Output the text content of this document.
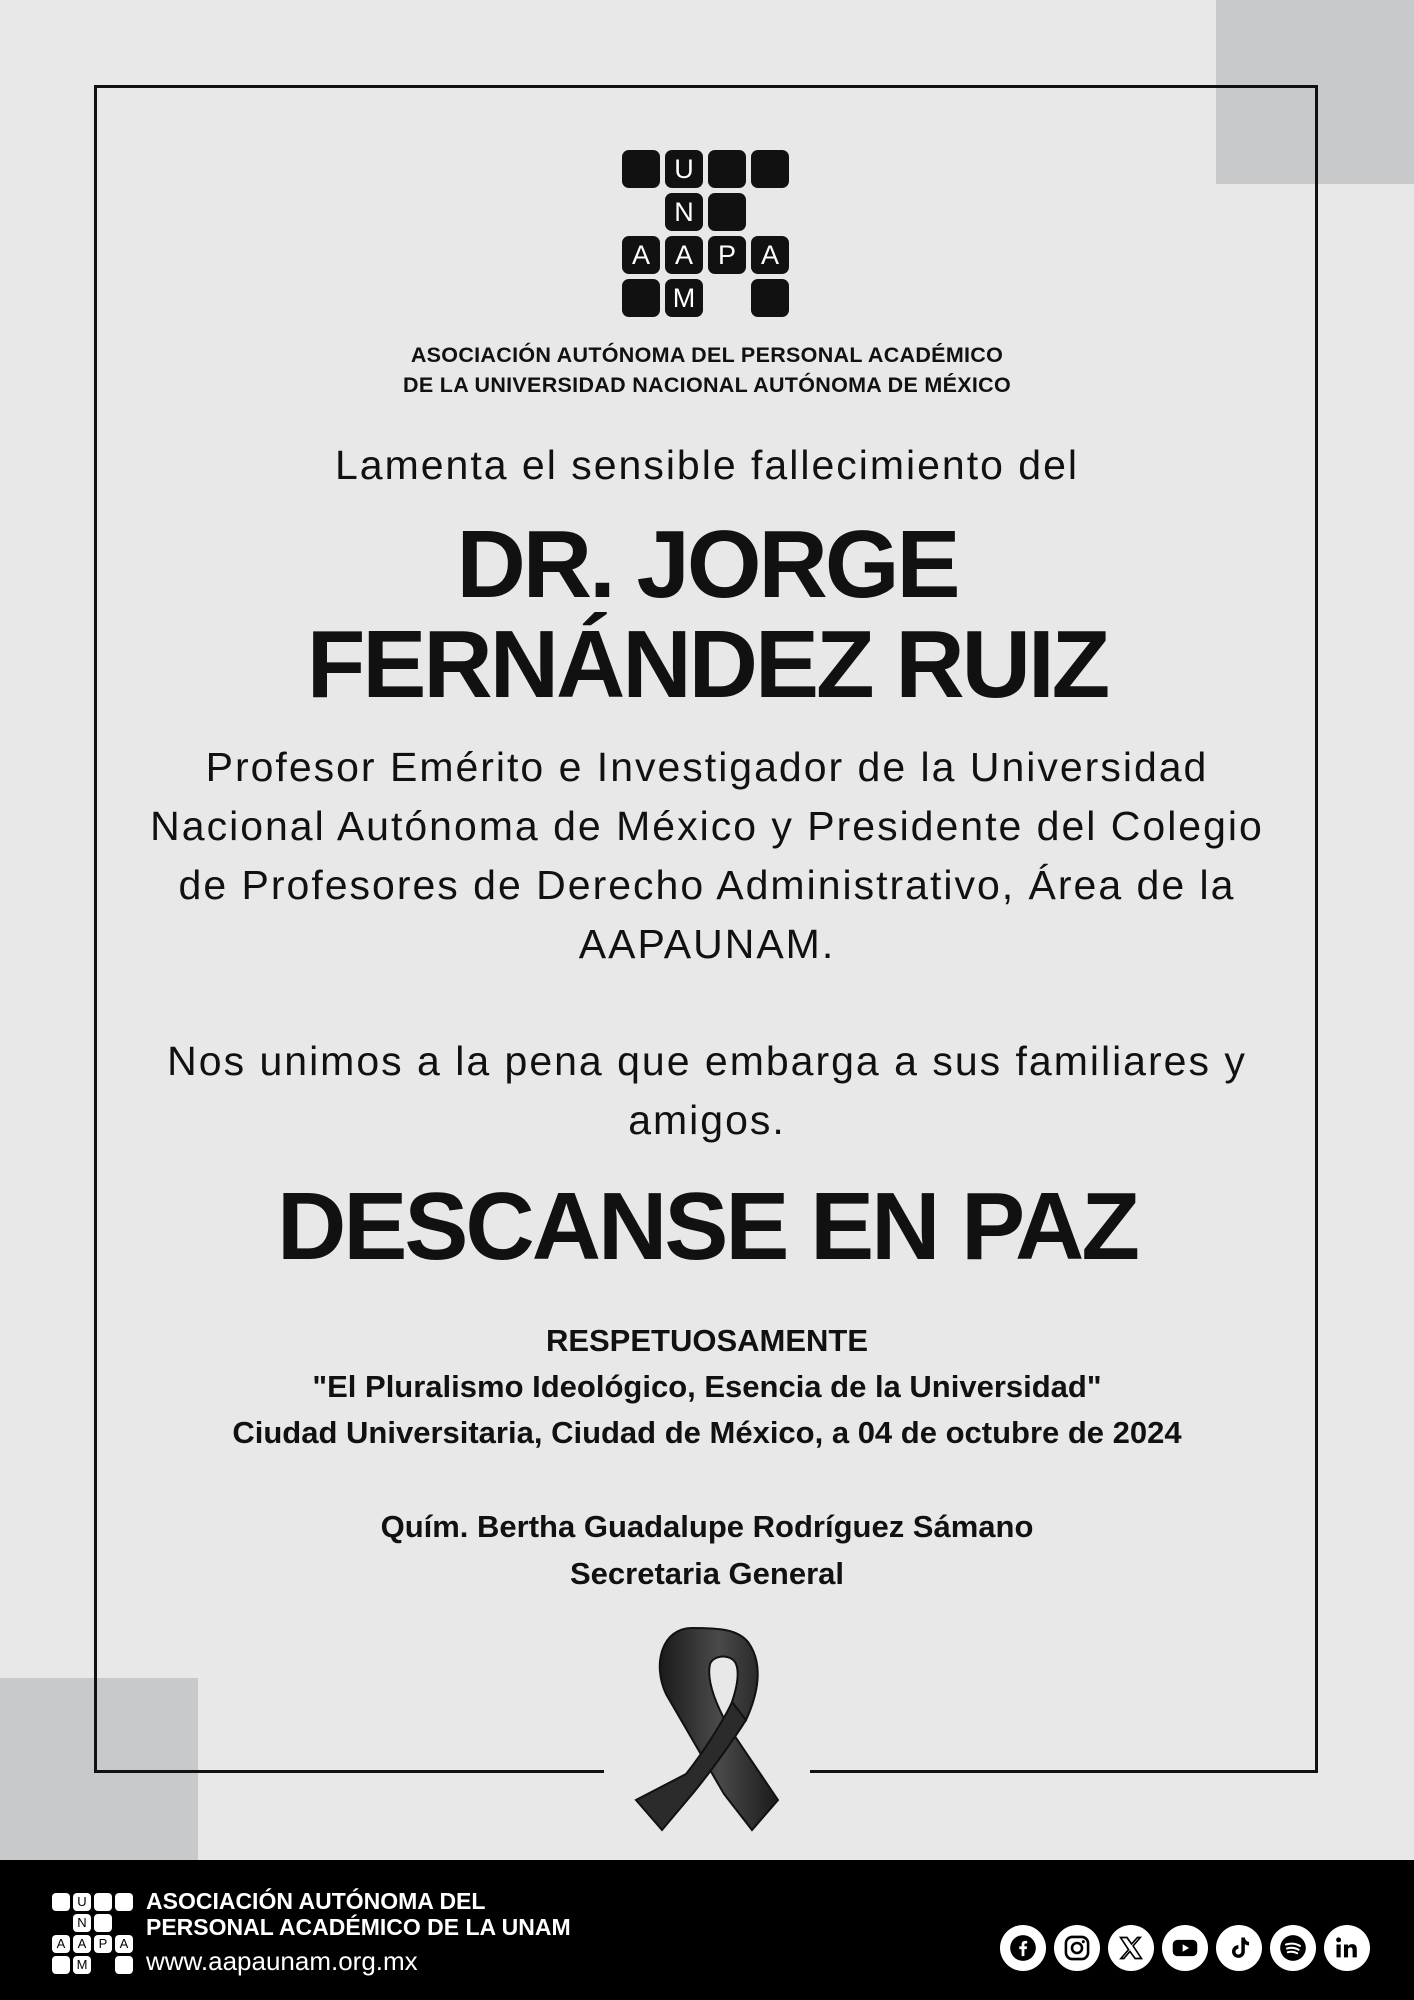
U
N
A A P A
M
ASOCIACIÓN AUTÓNOMA DEL PERSONAL ACADÉMICO
DE LA UNIVERSIDAD NACIONAL AUTÓNOMA DE MÉXICO
Lamenta el sensible fallecimiento del
DR. JORGE
FERNÁNDEZ RUIZ
Profesor Emérito e Investigador de la Universidad Nacional Autónoma de México y Presidente del Colegio de Profesores de Derecho Administrativo, Área de la AAPAUNAM.
Nos unimos a la pena que embarga a sus familiares y amigos.
DESCANSE EN PAZ
RESPETUOSAMENTE
"El Pluralismo Ideológico, Esencia de la Universidad"
Ciudad Universitaria, Ciudad de México, a 04 de octubre de 2024
Quím. Bertha Guadalupe Rodríguez Sámano
Secretaria General
U
N
A A P A
M
ASOCIACIÓN AUTÓNOMA DEL
PERSONAL ACADÉMICO DE LA UNAM
www.aapaunam.org.mx
